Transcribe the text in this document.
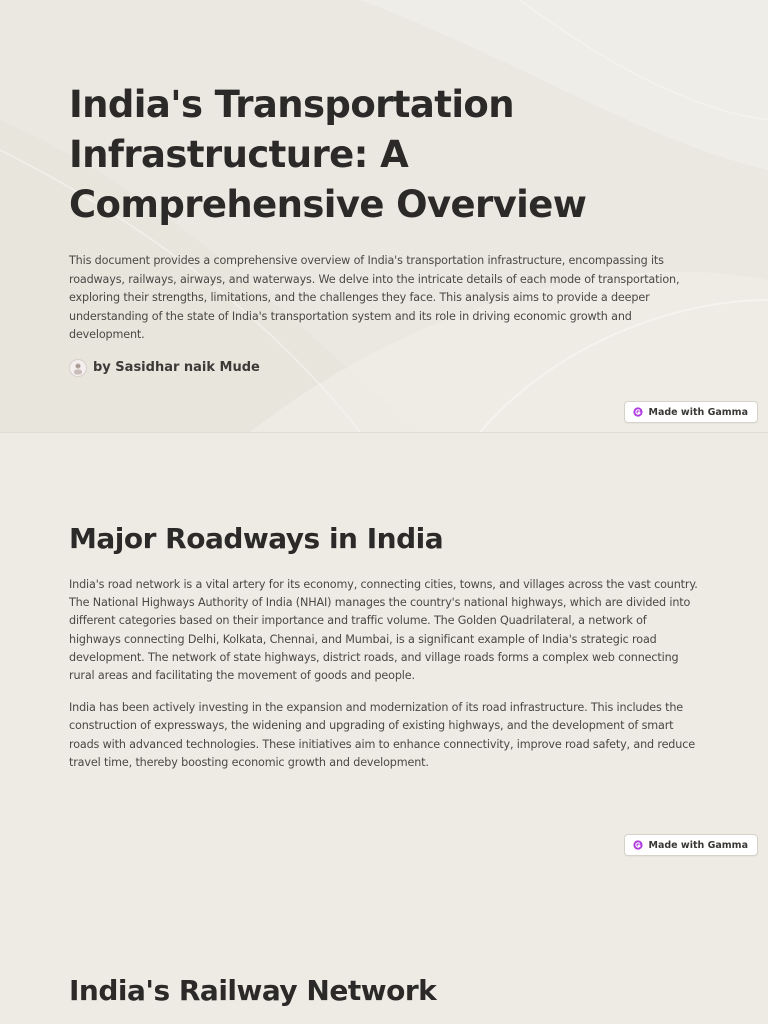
India's Transportation Infrastructure: A Comprehensive Overview

This document provides a comprehensive overview of India's transportation infrastructure, encompassing its roadways, railways, airways, and waterways. We delve into the intricate details of each mode of transportation, exploring their strengths, limitations, and the challenges they face. This analysis aims to provide a deeper understanding of the state of India's transportation system and its role in driving economic growth and development.

by Sasidhar naik Mude
Made with Gamma
Major Roadways in India

India's road network is a vital artery for its economy, connecting cities, towns, and villages across the vast country. The National Highways Authority of India (NHAI) manages the country's national highways, which are divided into different categories based on their importance and traffic volume. The Golden Quadrilateral, a network of highways connecting Delhi, Kolkata, Chennai, and Mumbai, is a significant example of India's strategic road development. The network of state highways, district roads, and village roads forms a complex web connecting rural areas and facilitating the movement of goods and people.

India has been actively investing in the expansion and modernization of its road infrastructure. This includes the construction of expressways, the widening and upgrading of existing highways, and the development of smart roads with advanced technologies. These initiatives aim to enhance connectivity, improve road safety, and reduce travel time, thereby boosting economic growth and development.

Made with Gamma
India's Railway Network
